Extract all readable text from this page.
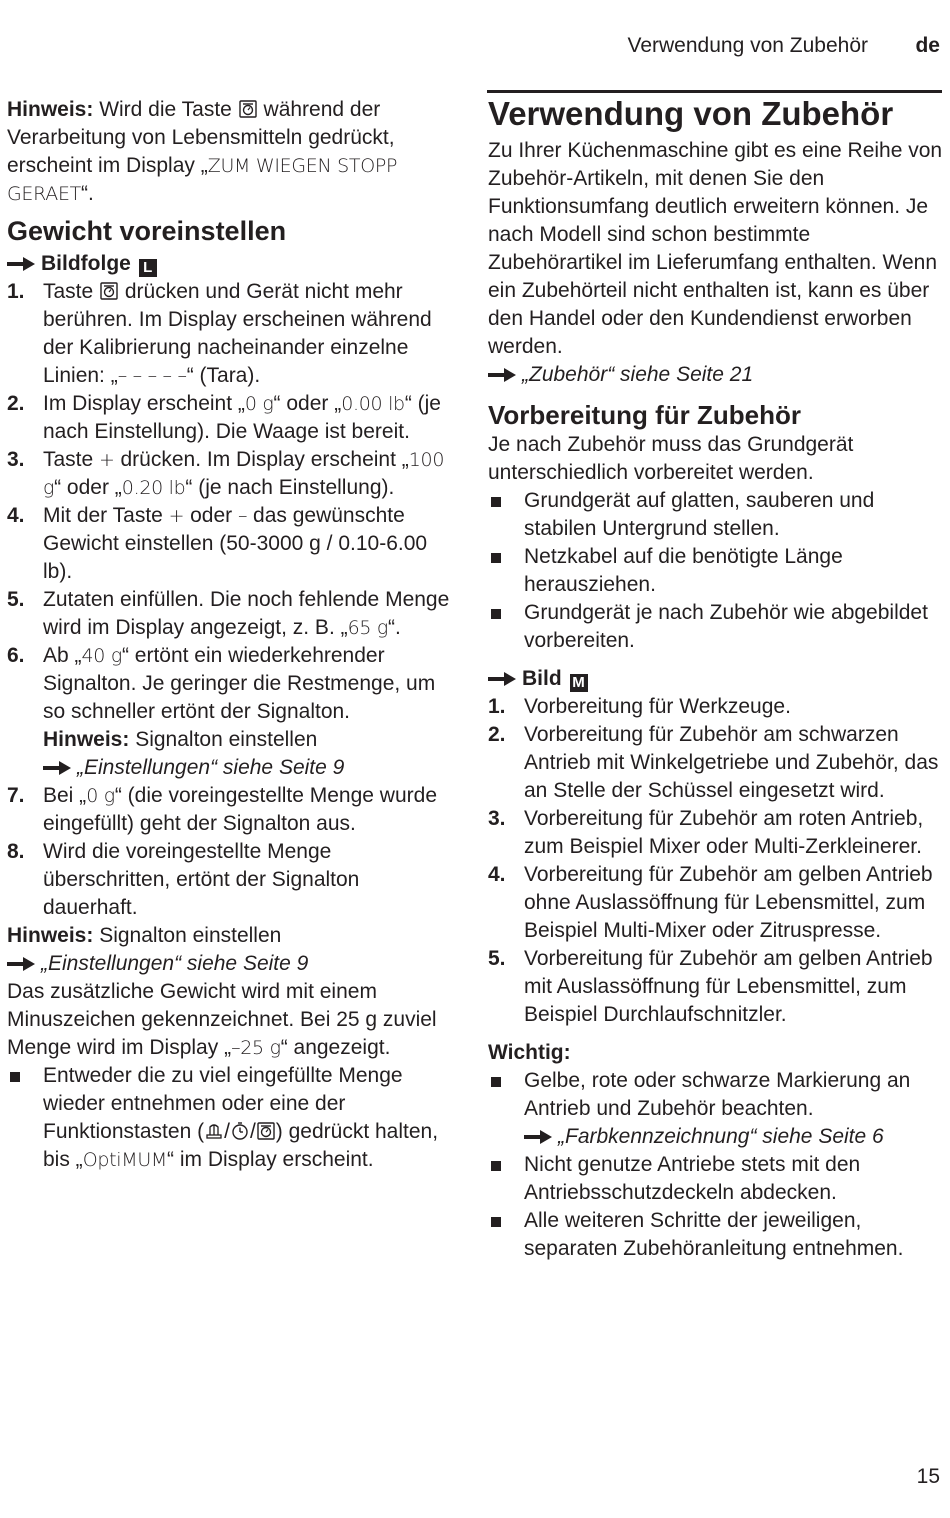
Verwendung von Zubehör de

Hinweis: Wird die Taste  während der Verarbeitung von Lebensmitteln gedrückt, erscheint im Display „ZUM WIEGEN STOPP GERAET“.

Gewicht voreinstellen

Bildfolge L

1. Taste  drücken und Gerät nicht mehr berühren. Im Display erscheinen während der Kalibrierung nacheinander einzelne Linien: „– – – – –“ (Tara).
2. Im Display erscheint „0 g“ oder „0.00 lb“ (je nach Einstellung). Die Waage ist bereit.
3. Taste + drücken. Im Display erscheint „100 g“ oder „0.20 lb“ (je nach Einstellung).
4. Mit der Taste + oder – das gewünschte Gewicht einstellen (50-3000 g / 0.10-6.00 lb).
5. Zutaten einfüllen. Die noch fehlende Menge wird im Display angezeigt, z. B. „65 g“.
6. Ab „40 g“ ertönt ein wiederkehrender Signalton. Je geringer die Restmenge, um so schneller ertönt der Signalton.
Hinweis: Signalton einstellen
„Einstellungen“ siehe Seite 9
7. Bei „0 g“ (die voreingestellte Menge wurde eingefüllt) geht der Signalton aus.
8. Wird die voreingestellte Menge überschritten, ertönt der Signalton dauerhaft.

Hinweis: Signalton einstellen

„Einstellungen“ siehe Seite 9

Das zusätzliche Gewicht wird mit einem Minuszeichen gekennzeichnet. Bei 25 g zuviel Menge wird im Display „–25 g“ angezeigt.

Entweder die zu viel eingefüllte Menge wieder entnehmen oder eine der Funktionstasten ( / / ) gedrückt halten, bis „OptiMUM“ im Display erscheint.
Verwendung von Zubehör

Zu Ihrer Küchenmaschine gibt es eine Reihe von Zubehör-Artikeln, mit denen Sie den Funktionsumfang deutlich erweitern können. Je nach Modell sind schon bestimmte Zubehörartikel im Lieferumfang enthalten. Wenn ein Zubehörteil nicht enthalten ist, kann es über den Handel oder den Kundendienst erworben werden.

„Zubehör“ siehe Seite 21

Vorbereitung für Zubehör

Je nach Zubehör muss das Grundgerät unterschiedlich vorbereitet werden.

Grundgerät auf glatten, sauberen und stabilen Untergrund stellen.
Netzkabel auf die benötigte Länge herausziehen.
Grundgerät je nach Zubehör wie abgebildet vorbereiten.

Bild M

1. Vorbereitung für Werkzeuge.
2. Vorbereitung für Zubehör am schwarzen Antrieb mit Winkelgetriebe und Zubehör, das an Stelle der Schüssel eingesetzt wird.
3. Vorbereitung für Zubehör am roten Antrieb, zum Beispiel Mixer oder Multi-Zerkleinerer.
4. Vorbereitung für Zubehör am gelben Antrieb ohne Auslassöffnung für Lebensmittel, zum Beispiel Multi-Mixer oder Zitruspresse.
5. Vorbereitung für Zubehör am gelben Antrieb mit Auslassöffnung für Lebensmittel, zum Beispiel Durchlaufschnitzler.

Wichtig:

Gelbe, rote oder schwarze Markierung an Antrieb und Zubehör beachten.
„Farbkennzeichnung“ siehe Seite 6
Nicht genutze Antriebe stets mit den Antriebsschutzdeckeln abdecken.
Alle weiteren Schritte der jeweiligen, separaten Zubehöranleitung entnehmen.
15
